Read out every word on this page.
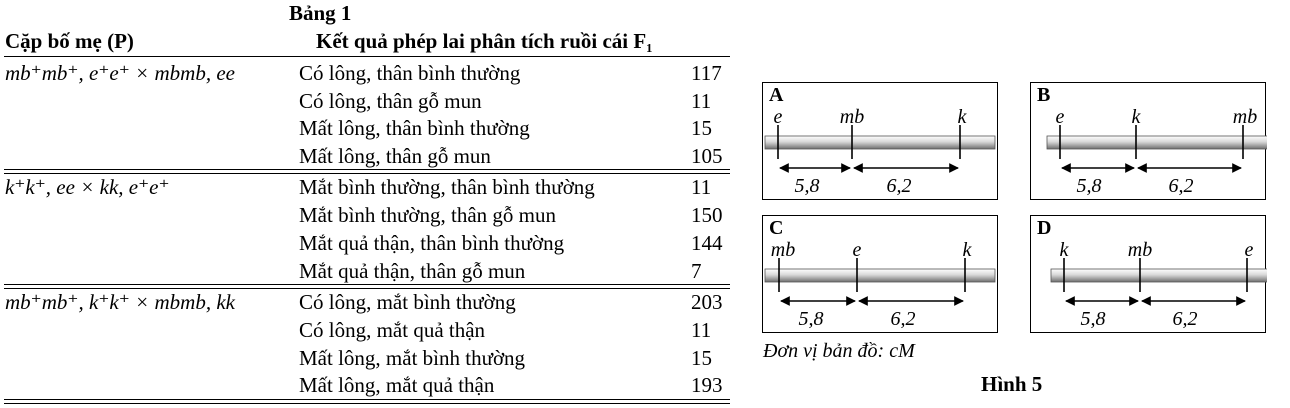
Bảng 1
Cặp bố mẹ (P)	Kết quả phép lai phân tích ruồi cái F₁
mb⁺mb⁺, e⁺e⁺ × mbmb, ee	Có lông, thân bình thường	117
Có lông, thân gỗ mun	11
Mất lông, thân bình thường	15
Mất lông, thân gỗ mun	105
k⁺k⁺, ee × kk, e⁺e⁺	Mắt bình thường, thân bình thường	11
Mắt bình thường, thân gỗ mun	150
Mắt quả thận, thân bình thường	144
Mắt quả thận, thân gỗ mun	7
mb⁺mb⁺, k⁺k⁺ × mbmb, kk	Có lông, mắt bình thường	203
Có lông, mắt quả thận	11
Mất lông, mắt bình thường	15
Mất lông, mắt quả thận	193
A
e	mb	k
5,8	6,2
B
e	k	mb
5,8	6,2
C
mb	e	k
5,8	6,2
D
k	mb	e
5,8	6,2
Đơn vị bản đồ: cM
Hình 5
